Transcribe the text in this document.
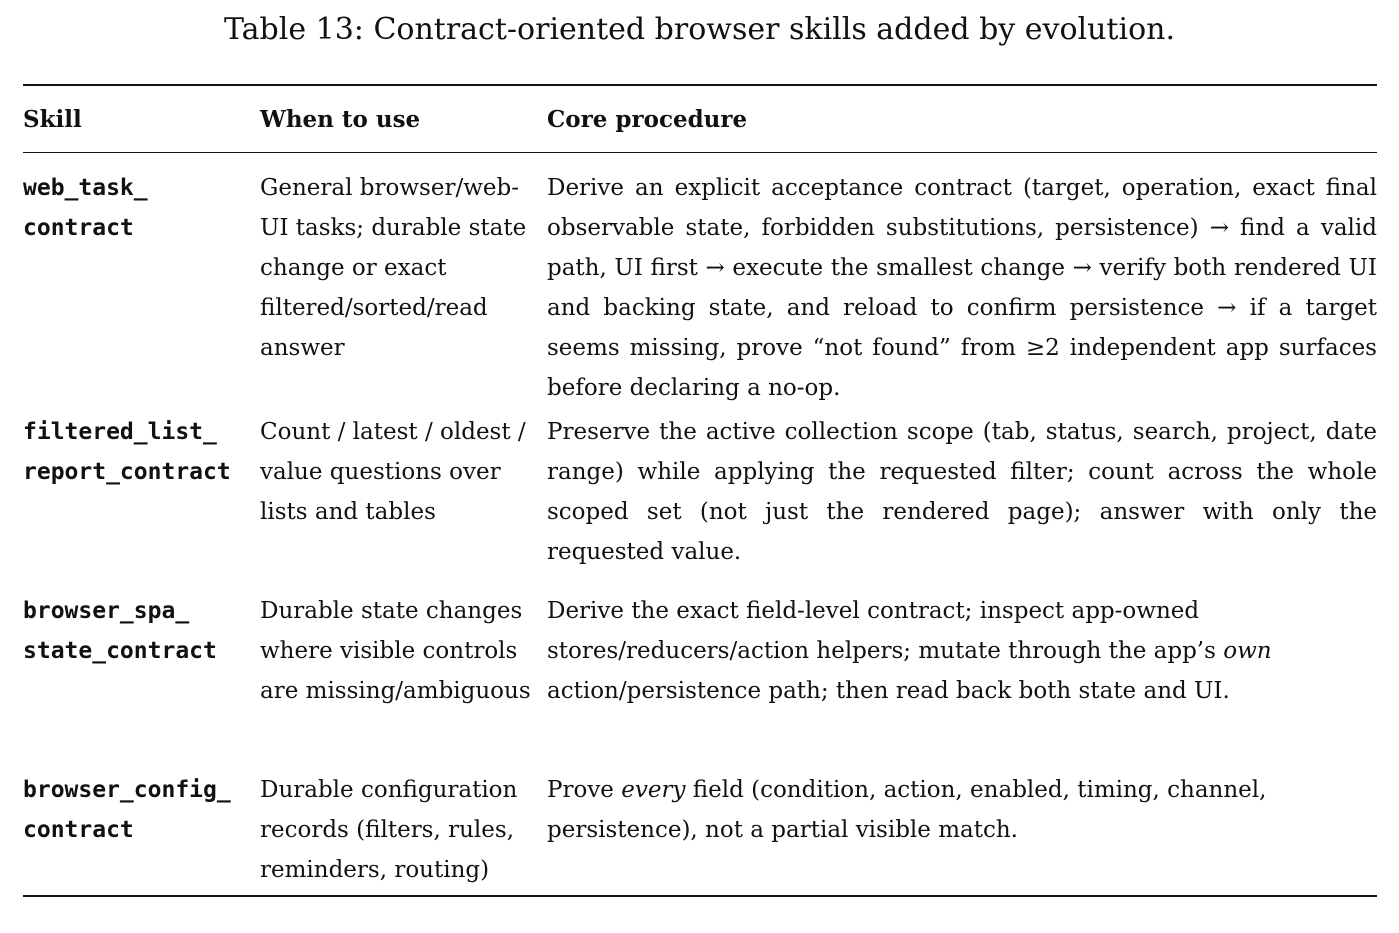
Table 13: Contract-oriented browser skills added by evolution.
Skill	When to use	Core procedure
web_task_
contract
General browser/web-UI tasks; durable state change or exact filtered/sorted/read answer
Derive an explicit acceptance contract (target, operation, exact final observable state, forbidden substitutions, persistence) → find a valid path, UI first → execute the smallest change → verify both rendered UI and backing state, and reload to confirm persistence → if a target seems missing, prove “not found” from ≥2 independent app surfaces before declaring a no-op.
filtered_list_
report_contract
Count / latest / oldest / value questions over lists and tables
Preserve the active collection scope (tab, status, search, project, date range) while applying the requested filter; count across the whole scoped set (not just the rendered page); answer with only the requested value.
browser_spa_
state_contract
Durable state changes where visible controls are missing/ambiguous
Derive the exact field-level contract; inspect app-owned stores/reducers/action helpers; mutate through the app’s own action/persistence path; then read back both state and UI.
browser_config_
contract
Durable configuration records (filters, rules, reminders, routing)
Prove every field (condition, action, enabled, timing, channel, persistence), not a partial visible match.
